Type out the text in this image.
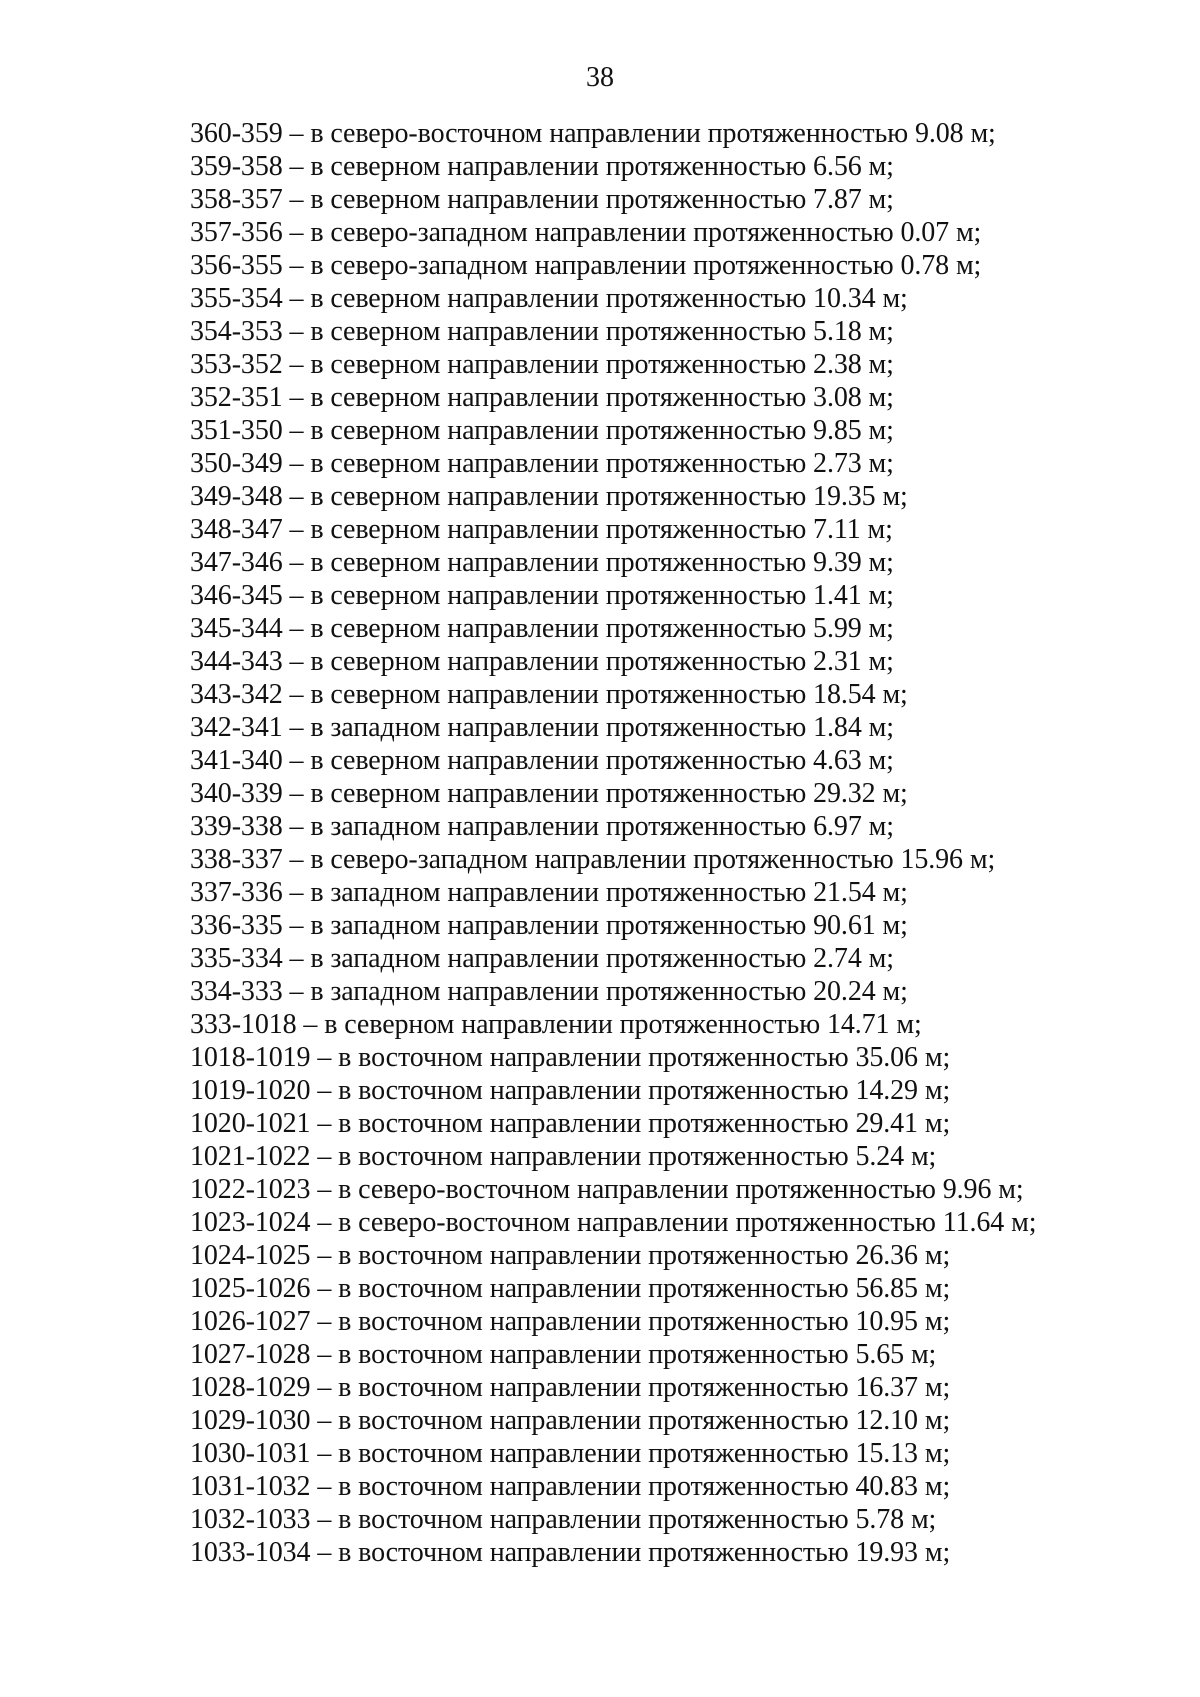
38
360-359 – в северо-восточном направлении протяженностью 9.08 м;
359-358 – в северном направлении протяженностью 6.56 м;
358-357 – в северном направлении протяженностью 7.87 м;
357-356 – в северо-западном направлении протяженностью 0.07 м;
356-355 – в северо-западном направлении протяженностью 0.78 м;
355-354 – в северном направлении протяженностью 10.34 м;
354-353 – в северном направлении протяженностью 5.18 м;
353-352 – в северном направлении протяженностью 2.38 м;
352-351 – в северном направлении протяженностью 3.08 м;
351-350 – в северном направлении протяженностью 9.85 м;
350-349 – в северном направлении протяженностью 2.73 м;
349-348 – в северном направлении протяженностью 19.35 м;
348-347 – в северном направлении протяженностью 7.11 м;
347-346 – в северном направлении протяженностью 9.39 м;
346-345 – в северном направлении протяженностью 1.41 м;
345-344 – в северном направлении протяженностью 5.99 м;
344-343 – в северном направлении протяженностью 2.31 м;
343-342 – в северном направлении протяженностью 18.54 м;
342-341 – в западном направлении протяженностью 1.84 м;
341-340 – в северном направлении протяженностью 4.63 м;
340-339 – в северном направлении протяженностью 29.32 м;
339-338 – в западном направлении протяженностью 6.97 м;
338-337 – в северо-западном направлении протяженностью 15.96 м;
337-336 – в западном направлении протяженностью 21.54 м;
336-335 – в западном направлении протяженностью 90.61 м;
335-334 – в западном направлении протяженностью 2.74 м;
334-333 – в западном направлении протяженностью 20.24 м;
333-1018 – в северном направлении протяженностью 14.71 м;
1018-1019 – в восточном направлении протяженностью 35.06 м;
1019-1020 – в восточном направлении протяженностью 14.29 м;
1020-1021 – в восточном направлении протяженностью 29.41 м;
1021-1022 – в восточном направлении протяженностью 5.24 м;
1022-1023 – в северо-восточном направлении протяженностью 9.96 м;
1023-1024 – в северо-восточном направлении протяженностью 11.64 м;
1024-1025 – в восточном направлении протяженностью 26.36 м;
1025-1026 – в восточном направлении протяженностью 56.85 м;
1026-1027 – в восточном направлении протяженностью 10.95 м;
1027-1028 – в восточном направлении протяженностью 5.65 м;
1028-1029 – в восточном направлении протяженностью 16.37 м;
1029-1030 – в восточном направлении протяженностью 12.10 м;
1030-1031 – в восточном направлении протяженностью 15.13 м;
1031-1032 – в восточном направлении протяженностью 40.83 м;
1032-1033 – в восточном направлении протяженностью 5.78 м;
1033-1034 – в восточном направлении протяженностью 19.93 м;
